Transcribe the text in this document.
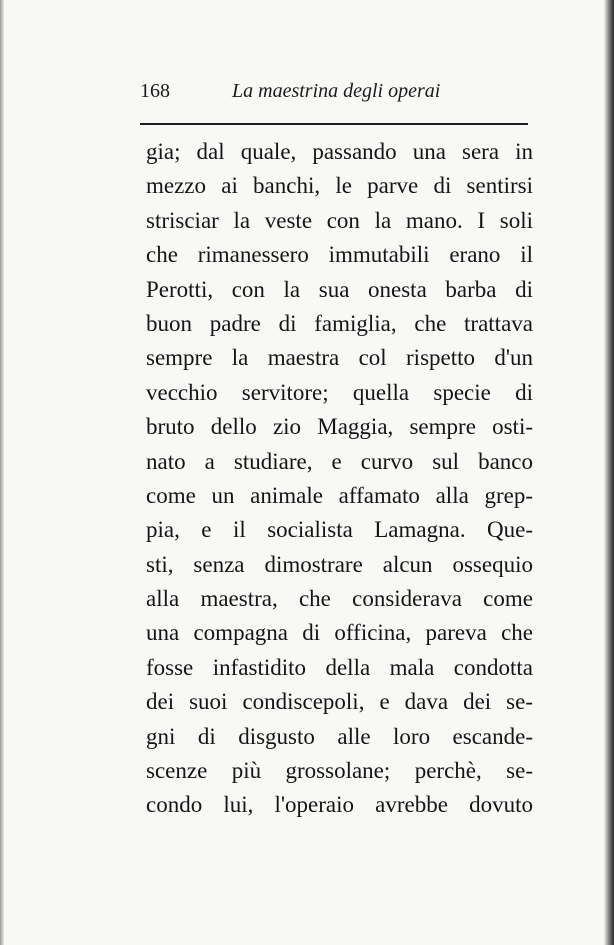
168	La maestrina degli operai
gia; dal quale, passando una sera in
mezzo ai banchi, le parve di sentirsi
strisciar la veste con la mano. I soli
che rimanessero immutabili erano il
Perotti, con la sua onesta barba di
buon padre di famiglia, che trattava
sempre la maestra col rispetto d'un
vecchio servitore; quella specie di
bruto dello zio Maggia, sempre osti-
nato a studiare, e curvo sul banco
come un animale affamato alla grep-
pia, e il socialista Lamagna. Que-
sti, senza dimostrare alcun ossequio
alla maestra, che considerava come
una compagna di officina, pareva che
fosse infastidito della mala condotta
dei suoi condiscepoli, e dava dei se-
gni di disgusto alle loro escande-
scenze più grossolane; perchè, se-
condo lui, l'operaio avrebbe dovuto
